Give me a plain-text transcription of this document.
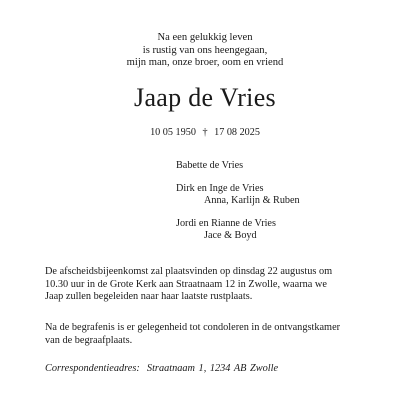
Na een gelukkig leven
is rustig van ons heengegaan,
mijn man, onze broer, oom en vriend
Jaap de Vries
10 05 1950 † 17 08 2025
Babette de Vries
Dirk en Inge de Vries
Anna, Karlijn & Ruben
Jordi en Rianne de Vries
Jace & Boyd
De afscheidsbijeenkomst zal plaatsvinden op dinsdag 22 augustus om
10.30 uur in de Grote Kerk aan Straatnaam 12 in Zwolle, waarna we
Jaap zullen begeleiden naar haar laatste rustplaats.
Na de begrafenis is er gelegenheid tot condoleren in de ontvangstkamer
van de begraafplaats.
Correspondentieadres: Straatnaam 1, 1234 AB Zwolle
